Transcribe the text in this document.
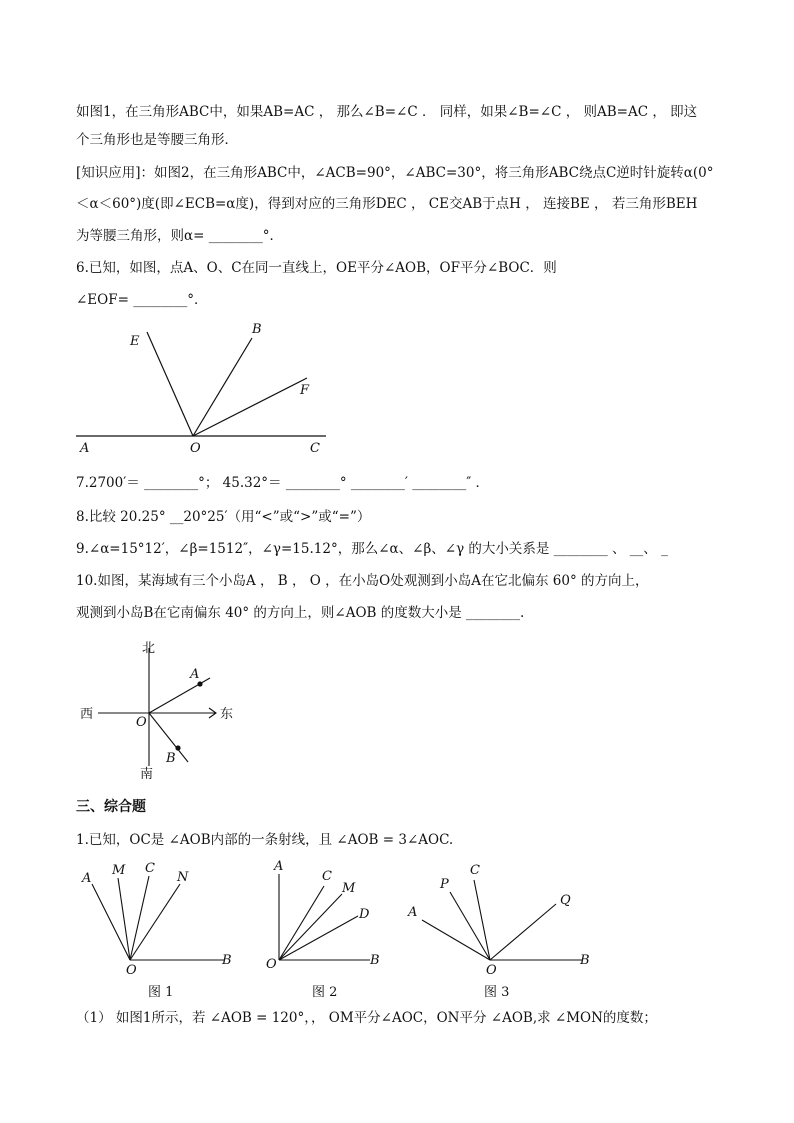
如图1，在三角形ABC中，如果AB=AC ， 那么∠B=∠C ． 同样，如果∠B=∠C ， 则AB=AC ， 即这
个三角形也是等腰三角形．
[知识应用]：如图2，在三角形ABC中，∠ACB=90°，∠ABC=30°，将三角形ABC绕点C逆时针旋转α(0°
＜α＜60°)度(即∠ECB=α度)，得到对应的三角形DEC ， CE交AB于点H ， 连接BE ， 若三角形BEH
为等腰三角形，则α= ________°．
6.已知，如图，点A、O、C在同一直线上，OE平分∠AOB，OF平分∠BOC．则
∠EOF= ________°．
E
B
F
A	O	C
7.2700′＝ ________°； 45.32°＝ ________° ________′ ________″ ．
8.比较 20.25° __20°25′（用“<”或“>”或“=”）
9.∠α=15°12′，∠β=1512″，∠γ=15.12°，那么∠α、∠β、∠γ 的大小关系是 ________ 、 __、 _
10.如图，某海域有三个小岛A ， B ， O ，在小岛O处观测到小岛A在它北偏东 60° 的方向上，
观测到小岛B在它南偏东 40° 的方向上，则∠AOB 的度数大小是 ________.
北
西	东
南
A
O
B
三、综合题
1.已知，OC是 ∠AOB内部的一条射线，且 ∠AOB = 3∠AOC.
A
M C
N
O
B
图 1
A
C
M
D
O	B
图 2
P
C
A
Q
O
B
图 3
（1） 如图1所示，若 ∠AOB = 120°，， OM平分∠AOC，ON平分 ∠AOB,求 ∠MON的度数；
